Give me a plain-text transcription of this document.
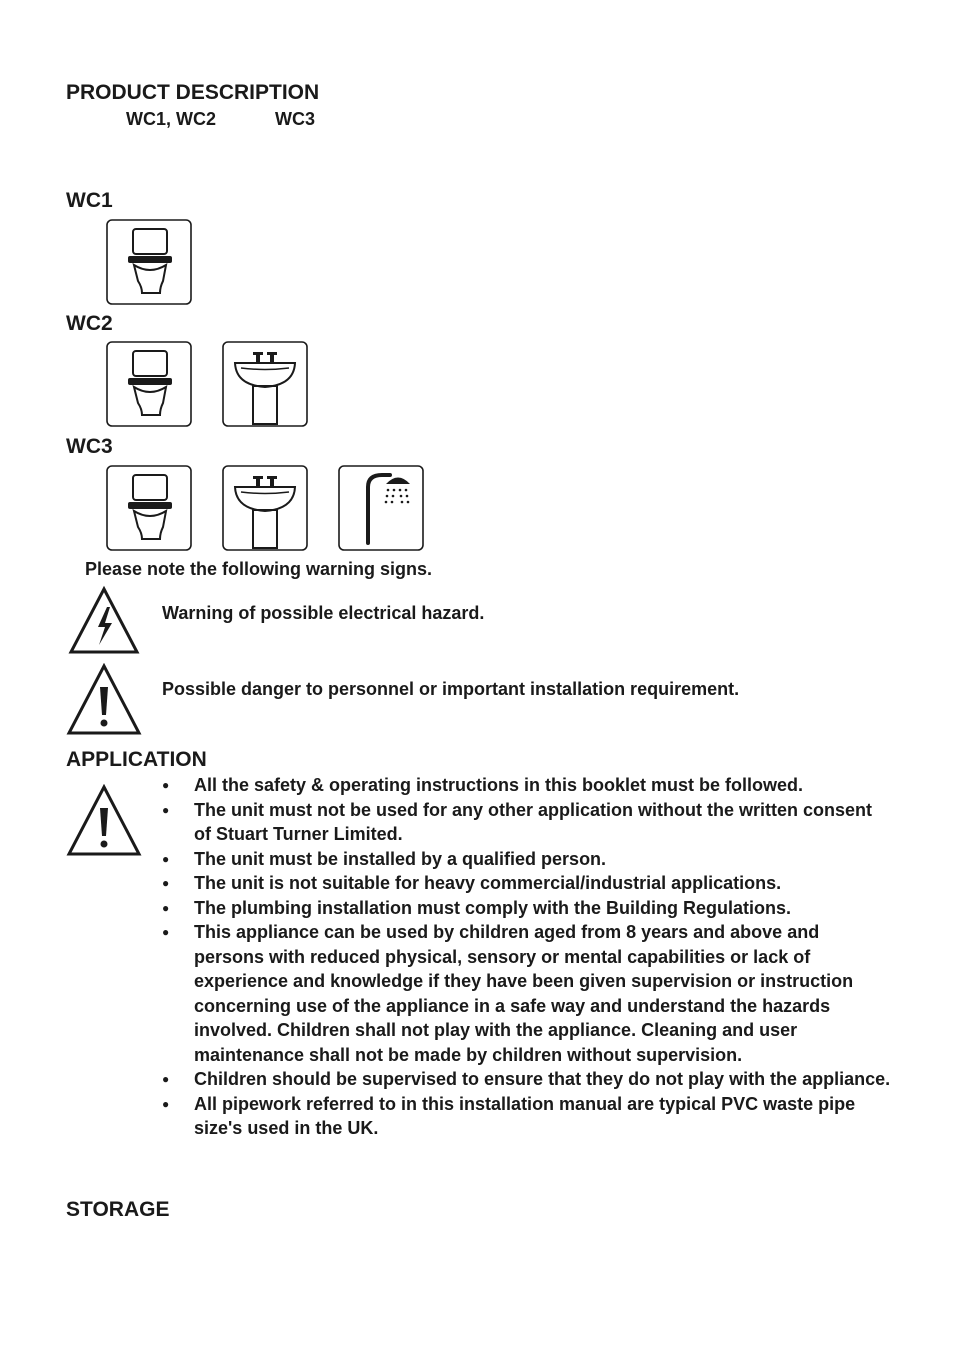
PRODUCT DESCRIPTION
WC1, WC2	WC3
WC1
WC2
WC3
Please note the following warning signs.
Warning of possible electrical hazard.
Possible danger to personnel or important installation requirement.
APPLICATION
● All the safety & operating instructions in this booklet must be followed.
● The unit must not be used for any other application without the written consent of Stuart Turner Limited.
● The unit must be installed by a qualified person.
● The unit is not suitable for heavy commercial/industrial applications.
● The plumbing installation must comply with the Building Regulations.
● This appliance can be used by children aged from 8 years and above and persons with reduced physical, sensory or mental capabilities or lack of experience and knowledge if they have been given supervision or instruction concerning use of the appliance in a safe way and understand the hazards involved. Children shall not play with the appliance. Cleaning and user maintenance shall not be made by children without supervision.
● Children should be supervised to ensure that they do not play with the appliance.
● All pipework referred to in this installation manual are typical PVC waste pipe size's used in the UK.
STORAGE
